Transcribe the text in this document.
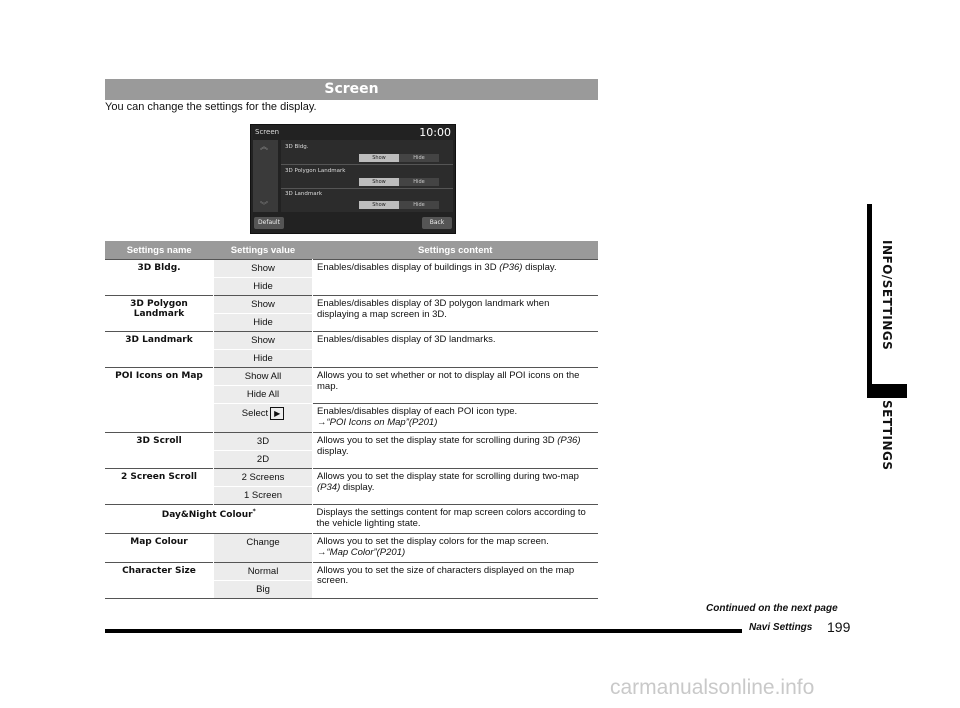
Screen
You can change the settings for the display.
Screen	10:00
︽
︾
3D Bldg.
Show	Hide
3D Polygon Landmark
Show	Hide
3D Landmark
Show	Hide
Default	Back
Settings name	Settings value	Settings content
3D Bldg.	Show	Enables/disables display of buildings in 3D (P36) display.
	Hide	
3D Polygon Landmark	Show	Enables/disables display of 3D polygon landmark when displaying a map screen in 3D.
	Hide	
3D Landmark	Show	Enables/disables display of 3D landmarks.
	Hide	
POI Icons on Map	Show All	Allows you to set whether or not to display all POI icons on the map.
	Hide All	
	Select ▶	Enables/disables display of each POI icon type.
→“POI Icons on Map”(P201)

3D Scroll	3D	Allows you to set the display state for scrolling during 3D (P36) display.
	2D	
2 Screen Scroll	2 Screens	Allows you to set the display state for scrolling during two-map (P34) display.
	1 Screen	
Day&Night Colour*		Displays the settings content for map screen colors according to the vehicle lighting state.
Map Colour	Change	Allows you to set the display colors for the map screen.
→“Map Color”(P201)

Character Size	Normal	Allows you to set the size of characters displayed on the map screen.
	Big	
INFO/SETTINGS
SETTINGS
Continued on the next page
Navi Settings 199
carmanualsonline.info
